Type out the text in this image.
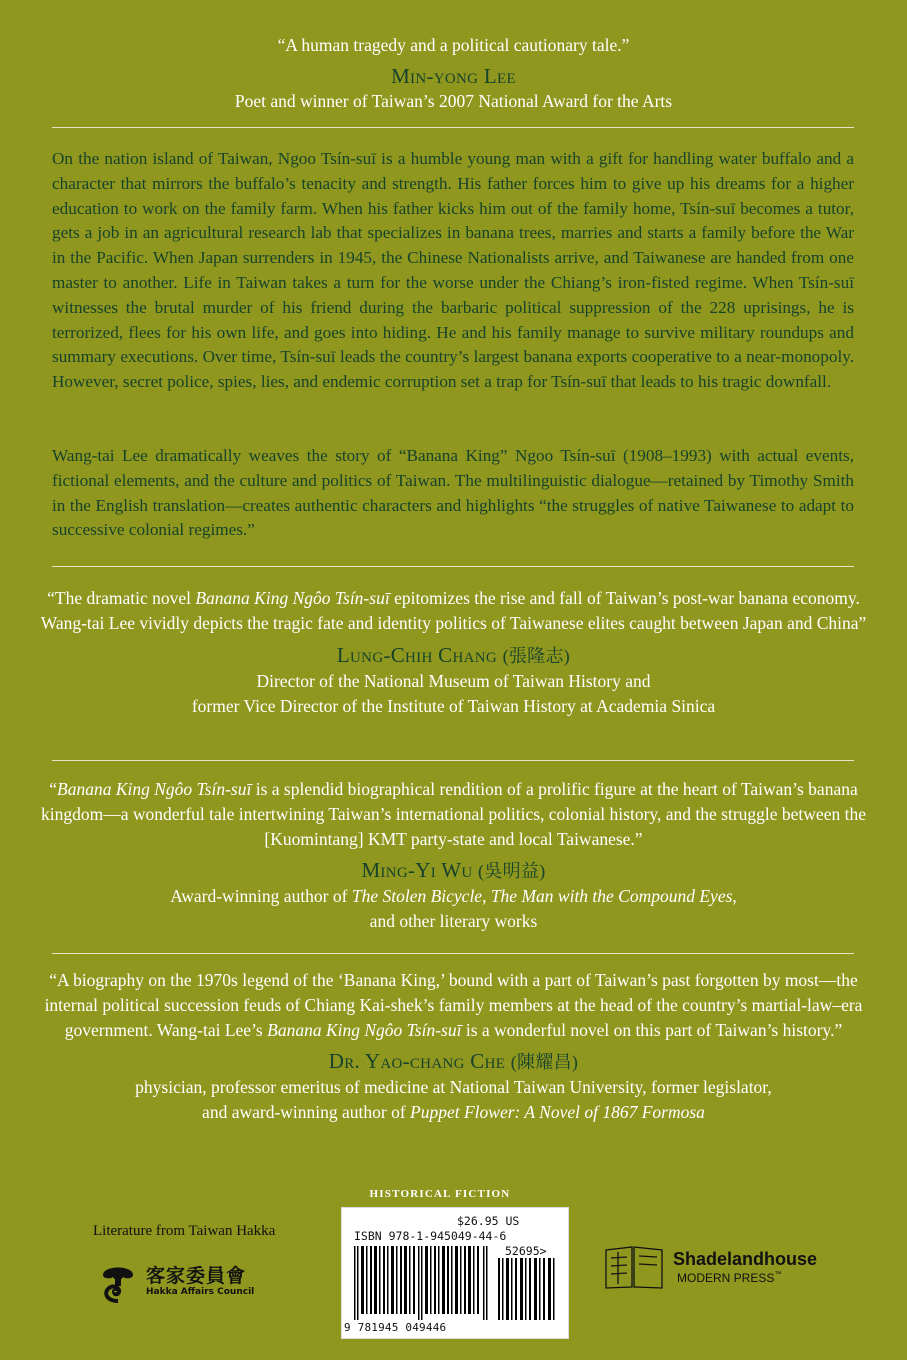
“A human tragedy and a political cautionary tale.”
Min-yong Lee
Poet and winner of Taiwan’s 2007 National Award for the Arts
On the nation island of Taiwan, Ngoo Tsín-suī is a humble young man with a gift for handling water buffalo and a character that mirrors the buffalo’s tenacity and strength. His father forces him to give up his dreams for a higher education to work on the family farm. When his father kicks him out of the family home, Tsín-suī becomes a tutor, gets a job in an agricultural research lab that specializes in banana trees, marries and starts a family before the War in the Pacific. When Japan surrenders in 1945, the Chinese Nationalists arrive, and Taiwanese are handed from one master to another. Life in Taiwan takes a turn for the worse under the Chiang’s iron-fisted regime. When Tsín-suī witnesses the brutal murder of his friend during the barbaric political suppression of the 228 uprisings, he is terrorized, flees for his own life, and goes into hiding. He and his family manage to survive military roundups and summary executions. Over time, Tsín-suī leads the country’s largest banana exports cooperative to a near-monopoly. However, secret police, spies, lies, and endemic corruption set a trap for Tsín-suī that leads to his tragic downfall.
Wang-tai Lee dramatically weaves the story of “Banana King” Ngoo Tsín-suī (1908–1993) with actual events, fictional elements, and the culture and politics of Taiwan. The multilinguistic dialogue—retained by Timothy Smith in the English translation—creates authentic characters and highlights “the struggles of native Taiwanese to adapt to successive colonial regimes.”
“The dramatic novel Banana King Ngôo Tsín-suī epitomizes the rise and fall of Taiwan’s post-war banana economy. Wang-tai Lee vividly depicts the tragic fate and identity politics of Taiwanese elites caught between Japan and China”
Lung-Chih Chang (張隆志)
Director of the National Museum of Taiwan History and
former Vice Director of the Institute of Taiwan History at Academia Sinica
“Banana King Ngôo Tsín-suī is a splendid biographical rendition of a prolific figure at the heart of Taiwan’s banana kingdom—a wonderful tale intertwining Taiwan’s international politics, colonial history, and the struggle between the [Kuomintang] KMT party-state and local Taiwanese.”
Ming-Yi Wu (吳明益)
Award-winning author of The Stolen Bicycle, The Man with the Compound Eyes,
and other literary works
“A biography on the 1970s legend of the ‘Banana King,’ bound with a part of Taiwan’s past forgotten by most—the internal political succession feuds of Chiang Kai-shek’s family members at the head of the country’s martial-law–era government. Wang-tai Lee’s Banana King Ngôo Tsín-suī is a wonderful novel on this part of Taiwan’s history.”
Dr. Yao-chang Che (陳耀昌)
physician, professor emeritus of medicine at National Taiwan University, former legislator,
and award-winning author of Puppet Flower: A Novel of 1867 Formosa
HISTORICAL FICTION
Literature from Taiwan Hakka
客家委員會
Hakka Affairs Council
$26.95 US
ISBN 978-1-945049-44-6
52695>
9 781945 049446
Shadelandhouse
MODERN PRESS™
